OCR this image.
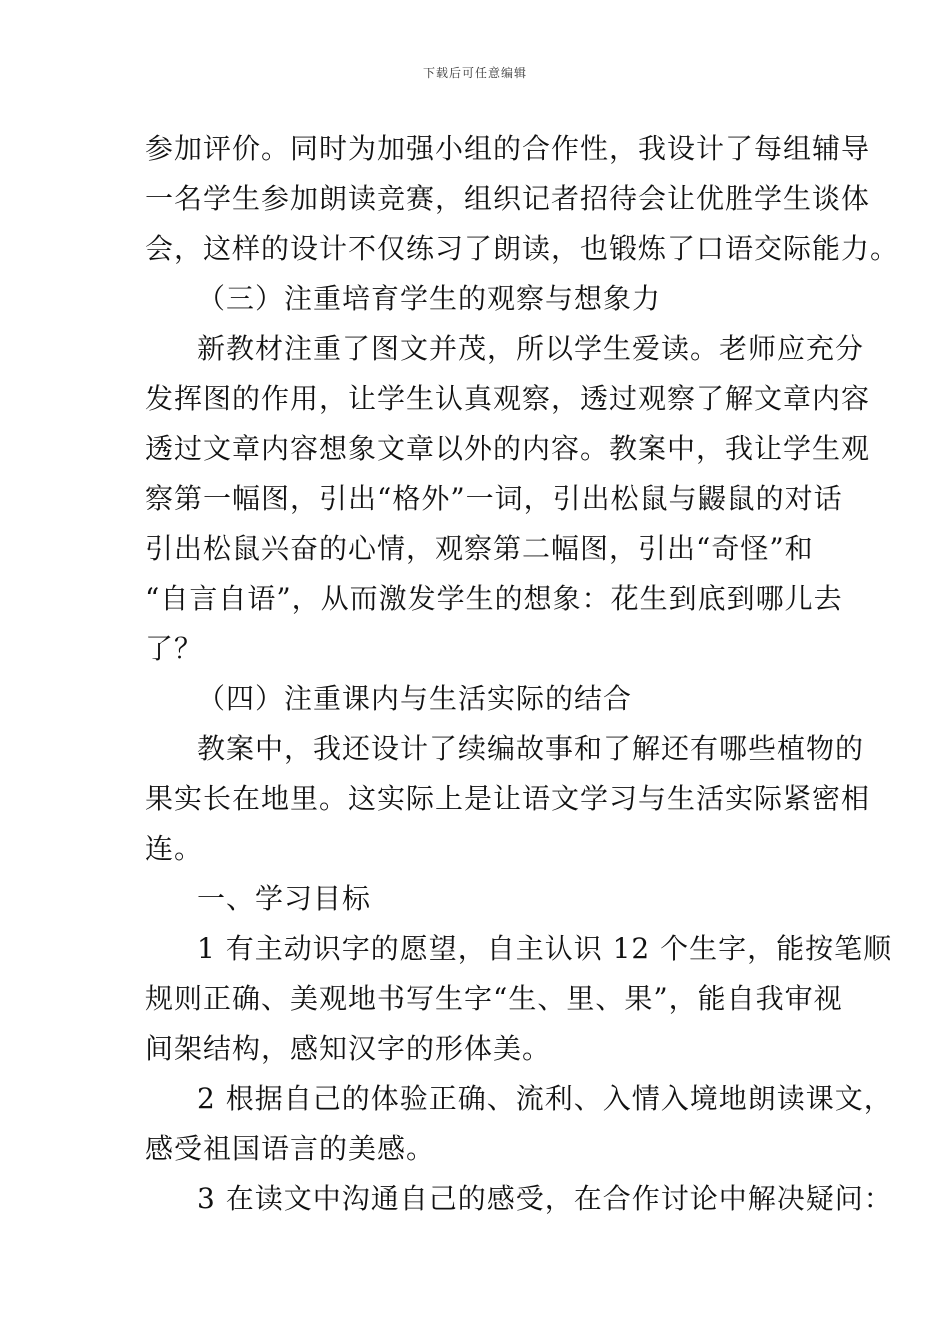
下载后可任意编辑
参加评价。同时为加强小组的合作性，我设计了每组辅导
一名学生参加朗读竞赛，组织记者招待会让优胜学生谈体
会，这样的设计不仅练习了朗读，也锻炼了口语交际能力。
（三）注重培育学生的观察与想象力
新教材注重了图文并茂，所以学生爱读。老师应充分
发挥图的作用，让学生认真观察，透过观察了解文章内容
透过文章内容想象文章以外的内容。教案中，我让学生观
察第一幅图，引出“格外”一词，引出松鼠与鼹鼠的对话
引出松鼠兴奋的心情，观察第二幅图，引出“奇怪”和
“自言自语”，从而激发学生的想象：花生到底到哪儿去
了？
（四）注重课内与生活实际的结合
教案中，我还设计了续编故事和了解还有哪些植物的
果实长在地里。这实际上是让语文学习与生活实际紧密相
连。
一、学习目标
1 有主动识字的愿望，自主认识 12 个生字，能按笔顺
规则正确、美观地书写生字“生、里、果”，能自我审视
间架结构，感知汉字的形体美。
2 根据自己的体验正确、流利、入情入境地朗读课文，
感受祖国语言的美感。
3 在读文中沟通自己的感受，在合作讨论中解决疑问：
